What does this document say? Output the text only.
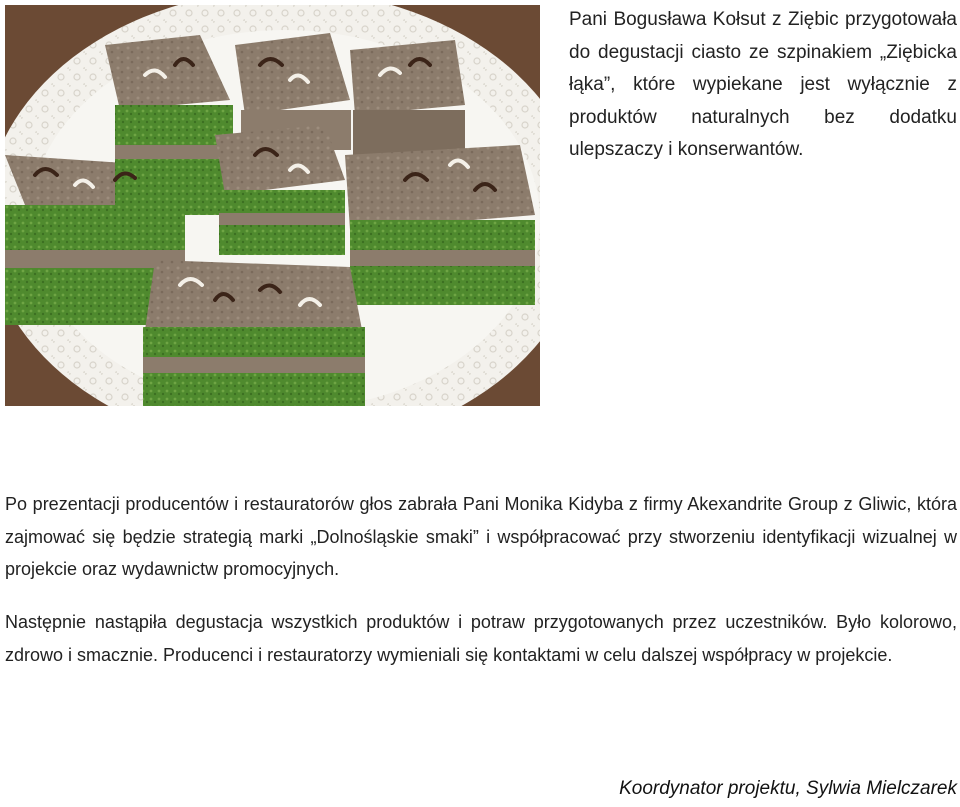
Pani Bogusława Kołsut z Ziębic przygotowała do degustacji ciasto ze szpinakiem „Ziębicka łąka”, które wypiekane jest wyłącznie z produktów naturalnych bez dodatku ulepszaczy i konserwantów.

Po prezentacji producentów i restauratorów głos zabrała Pani Monika Kidyba z firmy Akexandrite Group z Gliwic, która zajmować się będzie strategią marki „Dolnośląskie smaki” i współpracować przy stworzeniu identyfikacji wizualnej w projekcie oraz wydawnictw promocyjnych.

Następnie nastąpiła degustacja wszystkich produktów i potraw przygotowanych przez uczestników. Było kolorowo, zdrowo i smacznie. Producenci i restauratorzy wymieniali się kontaktami w celu dalszej współpracy w projekcie.

Koordynator projektu, Sylwia Mielczarek
